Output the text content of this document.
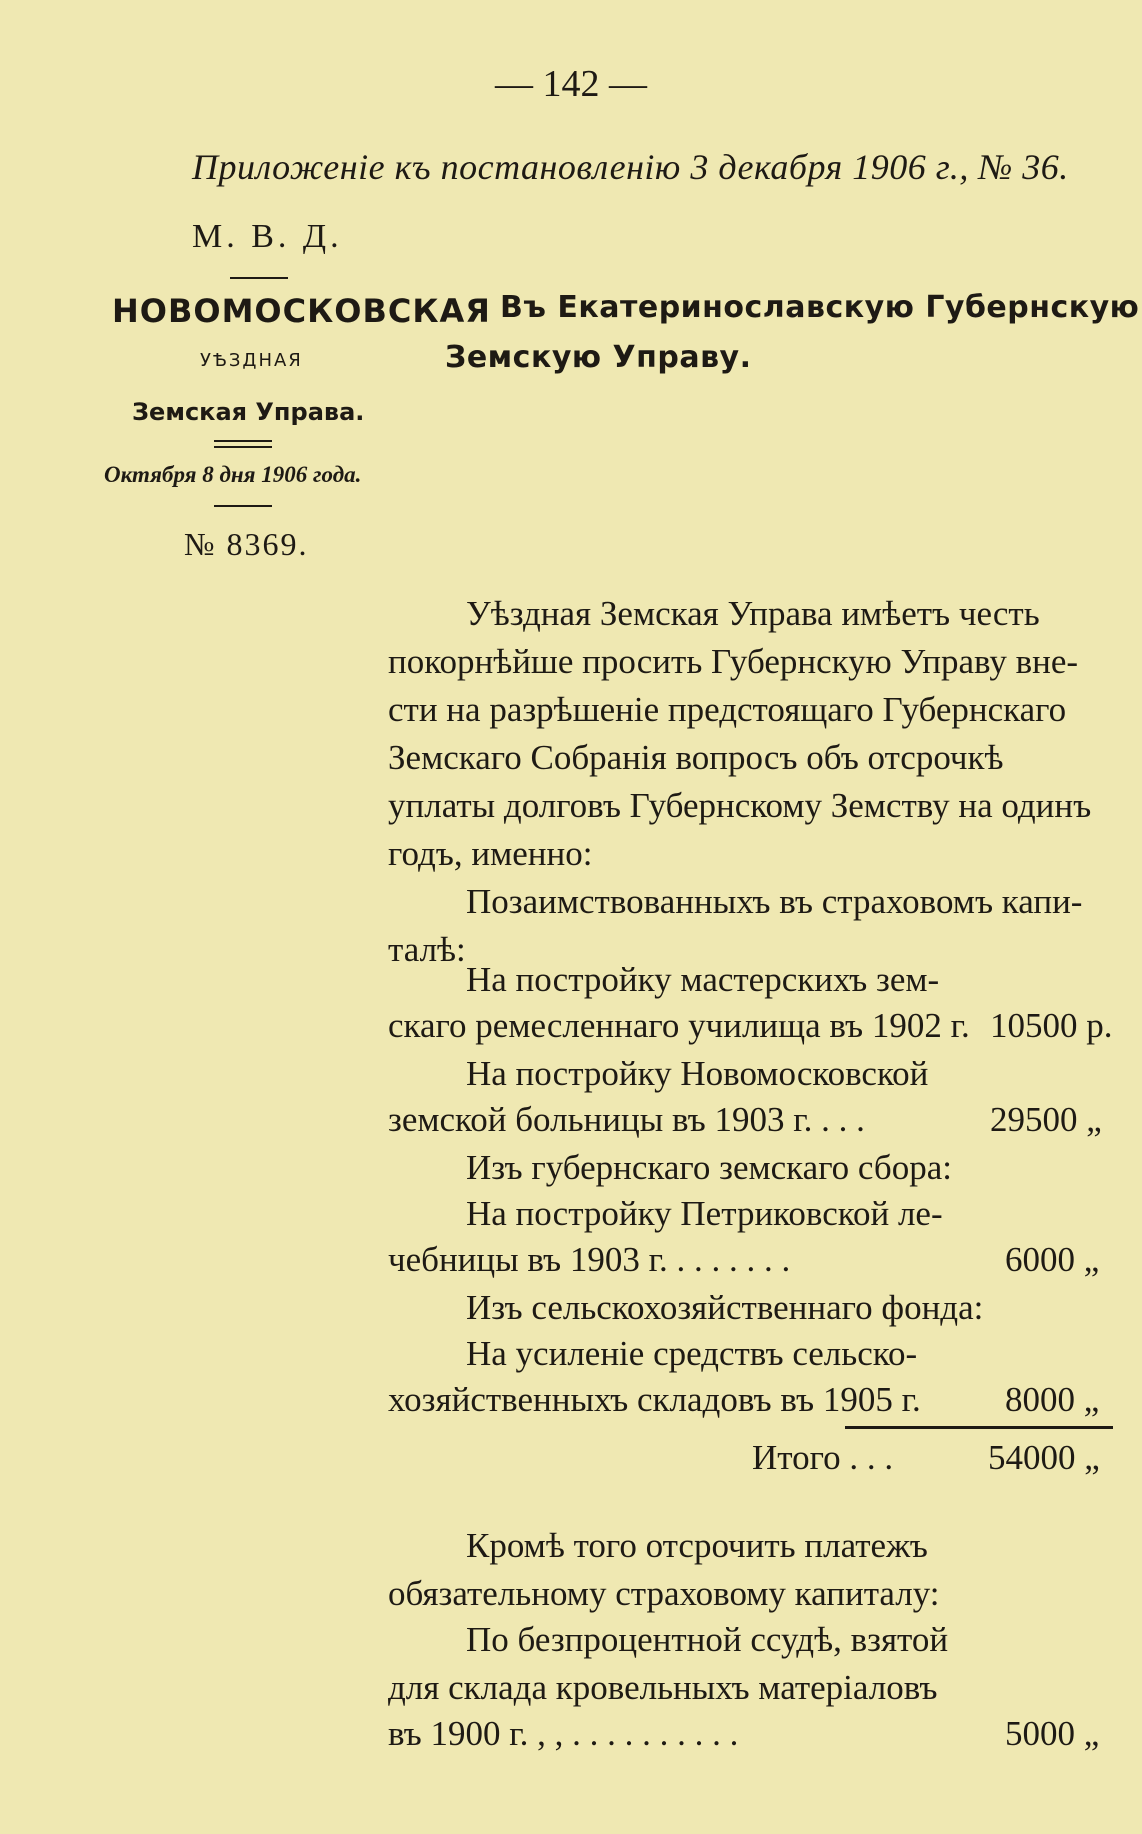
— 142 —
Приложеніе къ постановленію 3 декабря 1906 г., № 36.
М. В. Д.
НОВОМОСКОВСКАЯ
УѢЗДНАЯ
Земская Управа.
Октября 8 дня 1906 года.
№ 8369.
Въ Екатеринославскую Губернскую
Земскую Управу.
Уѣздная Земская Управа имѣетъ честь
покорнѣйше просить Губернскую Управу вне-
сти на разрѣшеніе предстоящаго Губернскаго
Земскаго Собранія вопросъ объ отсрочкѣ
уплаты долговъ Губернскому Земству на одинъ
годъ, именно:
Позаимствованныхъ въ страховомъ капи-
талѣ:
На постройку мастерскихъ зем-
скаго ремесленнаго училища въ 1902 г. 10500 р.
На постройку Новомосковской
земской больницы въ 1903 г. . . .	29500 „
Изъ губернскаго земскаго сбора:
На постройку Петриковской ле-
чебницы въ 1903 г. . . . . . . .	6000 „
Изъ сельскохозяйственнаго фонда:
На усиленіе средствъ сельско-
хозяйственныхъ складовъ въ 1905 г. 8000 „
Итого . . .	54000 „
Кромѣ того отсрочить платежъ
обязательному страховому капиталу:
По безпроцентной ссудѣ, взятой
для склада кровельныхъ матеріаловъ
въ 1900 г. , , . . . . . . . . . .	5000 „
